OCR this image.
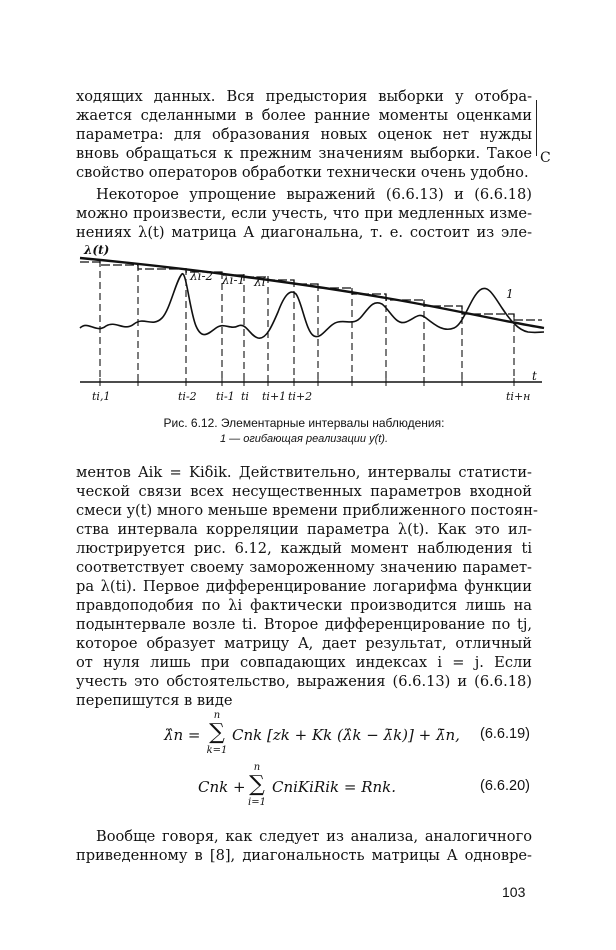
ходящих данных. Вся предыстория выборки у отобра-
жается сделанными в более ранние моменты оценками
параметра: для образования новых оценок нет нужды
вновь обращаться к прежним значениям выборки. Такое
свойство операторов обработки технически очень удобно.
С
Некоторое упрощение выражений (6.6.13) и (6.6.18)
можно произвести, если учесть, что при медленных изме-
нениях λ(t) матрица A диагональна, т. е. состоит из эле-
λ(t)
t
λi-2 λi-1 λi
1
ti,1	ti-2 ti-1 ti ti+1 ti+2	ti+н
Рис. 6.12. Элементарные интервалы наблюдения:
1 — огибающая реализации y(t).
ментов Aik = Kiδik. Действительно, интервалы статисти-
ческой связи всех несущественных параметров входной
смеси y(t) много меньше времени приближенного постоян-
ства интервала корреляции параметра λ(t). Как это ил-
люстрируется рис. 6.12, каждый момент наблюдения ti
соответствует своему замороженному значению парамет-
ра λ(ti). Первое дифференцирование логарифма функции
правдоподобия по λi фактически производится лишь на
подынтервале возле ti. Второе дифференцирование по tj,
которое образует матрицу A, дает результат, отличный
от нуля лишь при совпадающих индексах i = j. Если
учесть это обстоятельство, выражения (6.6.13) и (6.6.18)
перепишутся в виде
λ̂n =
n
∑
k=1
Cnk [zk + Kk (λ̂k − λ̄k)] + λ̄n, (6.6.19)
Cnk +
n
∑
i=1
CniKiRik = Rnk.	(6.6.20)
Вообще говоря, как следует из анализа, аналогичного
приведенному в [8], диагональность матрицы A одновре-
103
